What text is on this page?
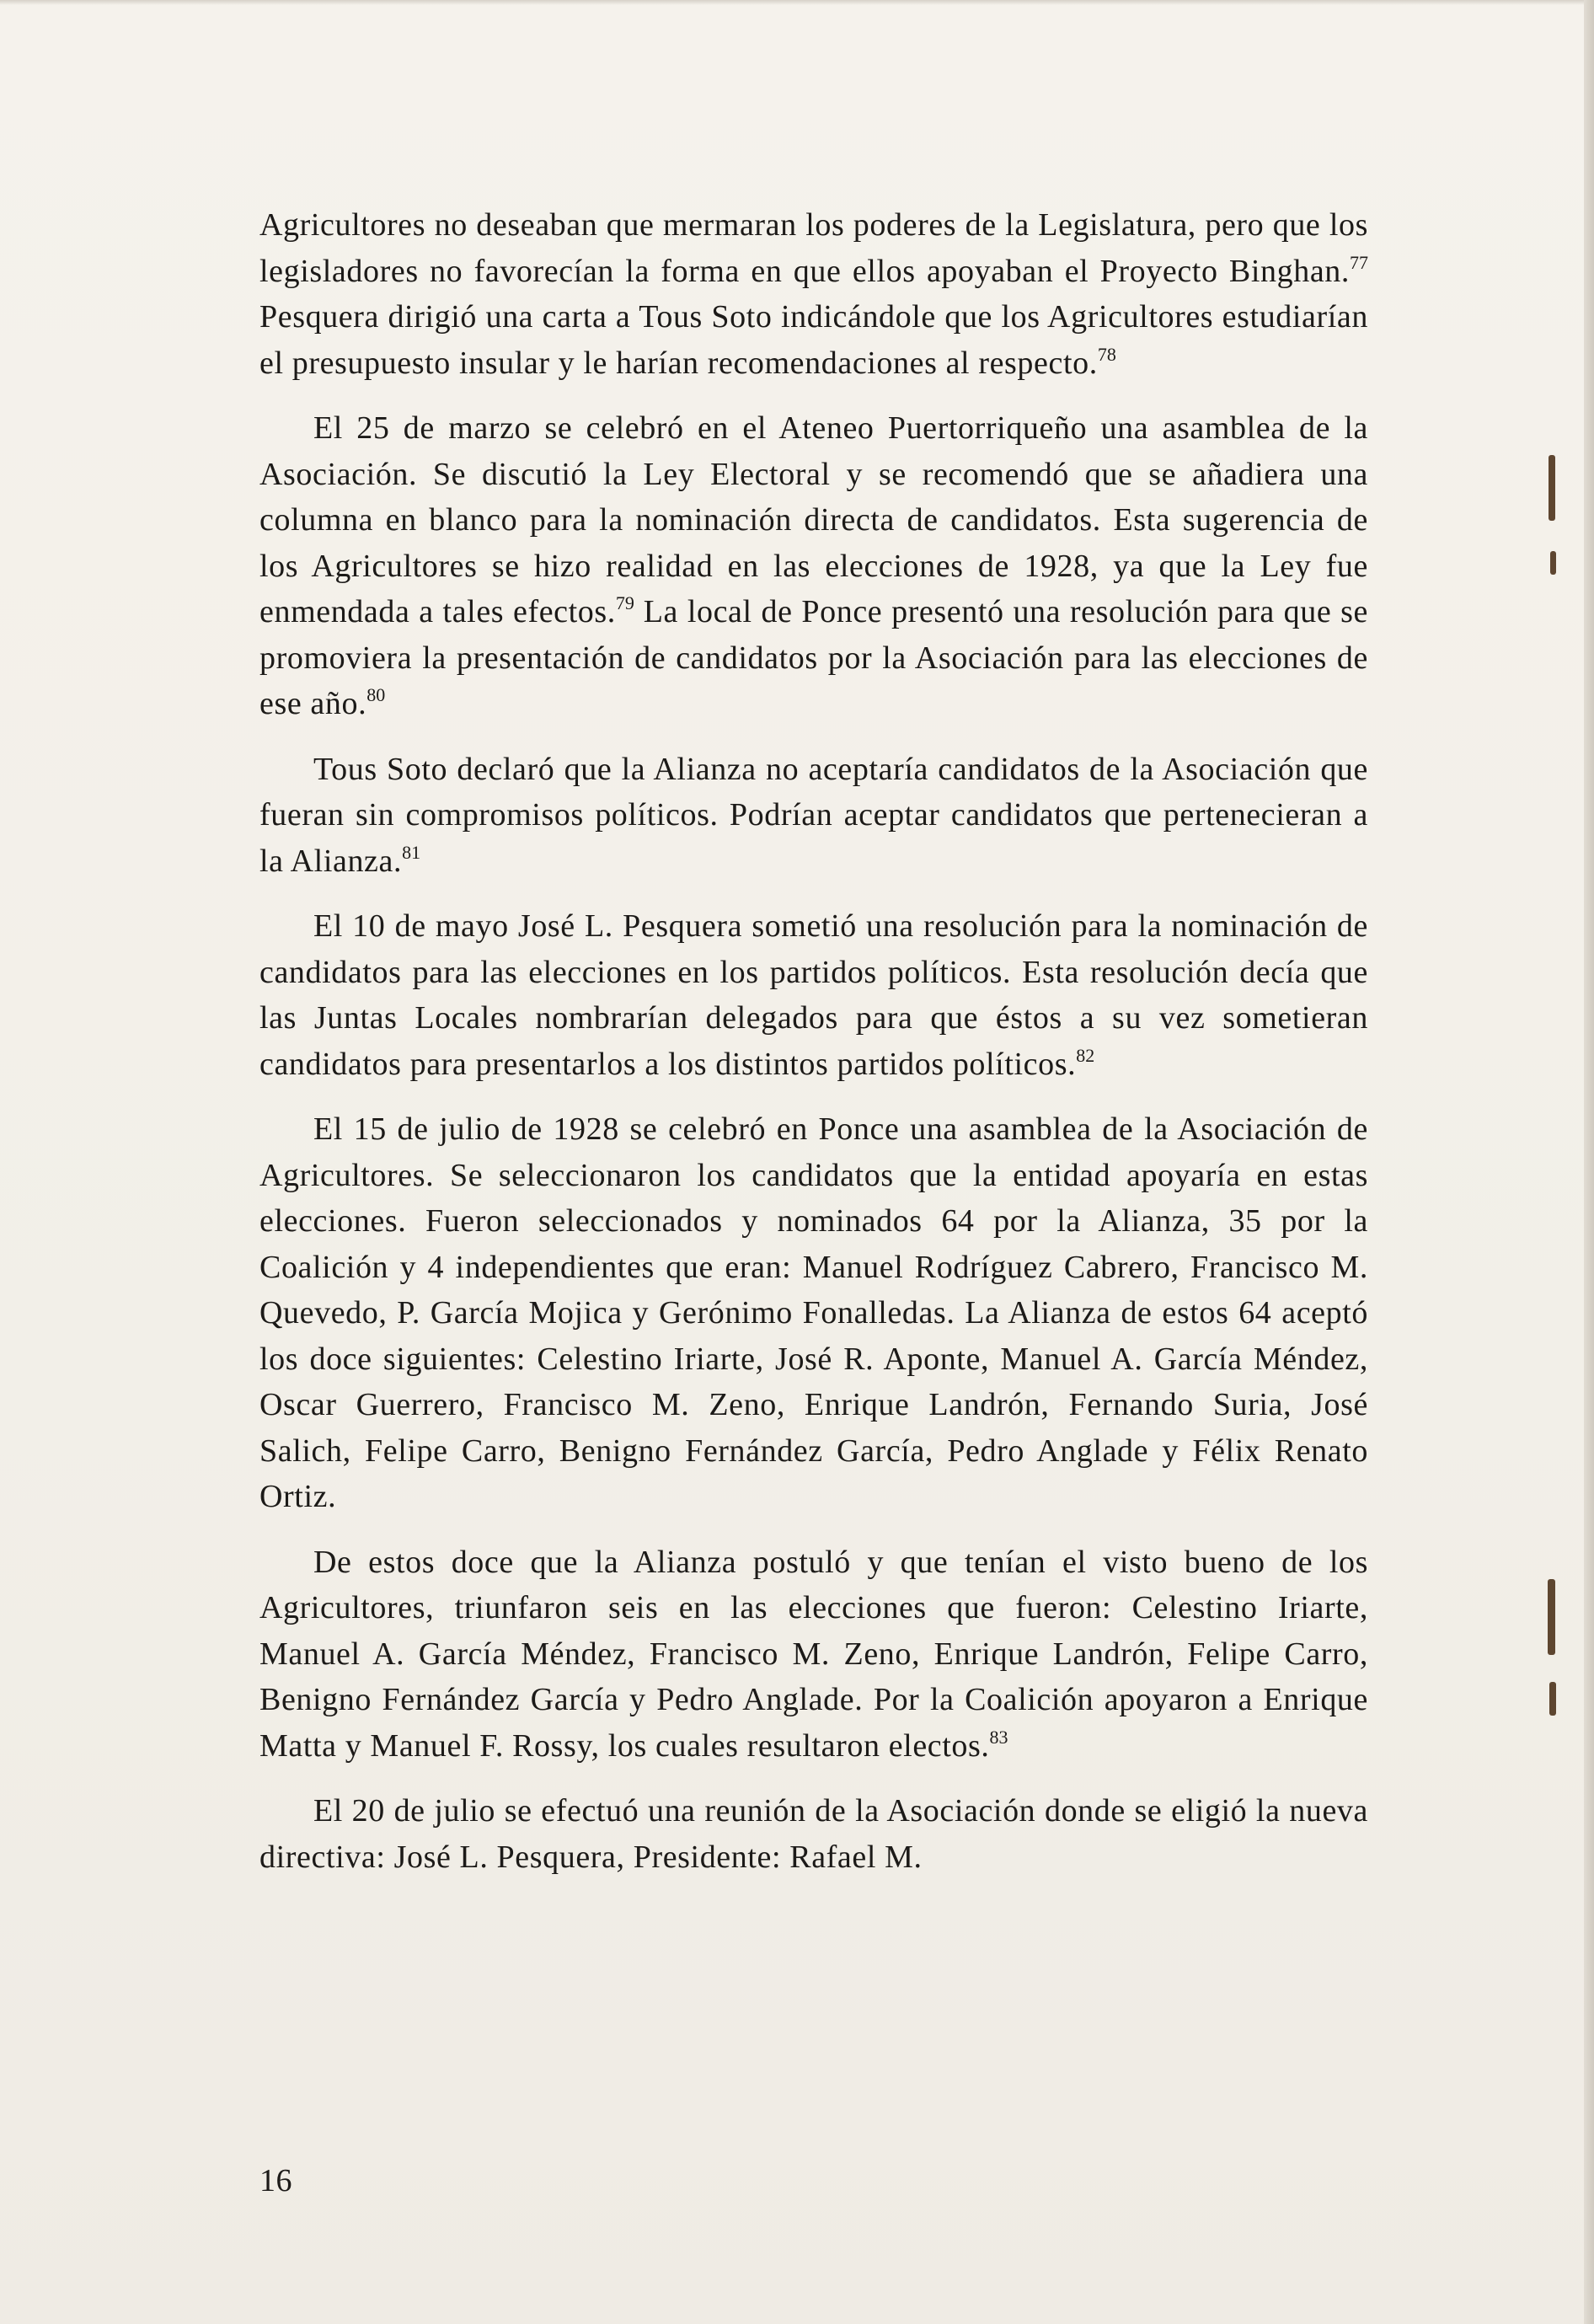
Agricultores no deseaban que mermaran los poderes de la Legislatura, pero que los legisladores no favorecían la forma en que ellos apoyaban el Proyecto Binghan.$^{77}$ Pesquera dirigió una carta a Tous Soto indicándole que los Agricultores estudiarían el presupuesto insular y le harían recomendaciones al respecto.$^{78}$

El 25 de marzo se celebró en el Ateneo Puertorriqueño una asamblea de la Asociación. Se discutió la Ley Electoral y se recomendó que se añadiera una columna en blanco para la nominación directa de candidatos. Esta sugerencia de los Agricultores se hizo realidad en las elecciones de 1928, ya que la Ley fue enmendada a tales efectos.$^{79}$ La local de Ponce presentó una resolución para que se promoviera la presentación de candidatos por la Asociación para las elecciones de ese año.$^{80}$

Tous Soto declaró que la Alianza no aceptaría candidatos de la Asociación que fueran sin compromisos políticos. Podrían aceptar candidatos que pertenecieran a la Alianza.$^{81}$

El 10 de mayo José L. Pesquera sometió una resolución para la nominación de candidatos para las elecciones en los partidos políticos. Esta resolución decía que las Juntas Locales nombrarían delegados para que éstos a su vez sometieran candidatos para presentarlos a los distintos partidos políticos.$^{82}$

El 15 de julio de 1928 se celebró en Ponce una asamblea de la Asociación de Agricultores. Se seleccionaron los candidatos que la entidad apoyaría en estas elecciones. Fueron seleccionados y nominados 64 por la Alianza, 35 por la Coalición y 4 independientes que eran: Manuel Rodríguez Cabrero, Francisco M. Quevedo, P. García Mojica y Gerónimo Fonalledas. La Alianza de estos 64 aceptó los doce siguientes: Celestino Iriarte, José R. Aponte, Manuel A. García Méndez, Oscar Guerrero, Francisco M. Zeno, Enrique Landrón, Fernando Suria, José Salich, Felipe Carro, Benigno Fernández García, Pedro Anglade y Félix Renato Ortiz.

De estos doce que la Alianza postuló y que tenían el visto bueno de los Agricultores, triunfaron seis en las elecciones que fueron: Celestino Iriarte, Manuel A. García Méndez, Francisco M. Zeno, Enrique Landrón, Felipe Carro, Benigno Fernández García y Pedro Anglade. Por la Coalición apoyaron a Enrique Matta y Manuel F. Rossy, los cuales resultaron electos.$^{83}$

El 20 de julio se efectuó una reunión de la Asociación donde se eligió la nueva directiva: José L. Pesquera, Presidente: Rafael M.

16
